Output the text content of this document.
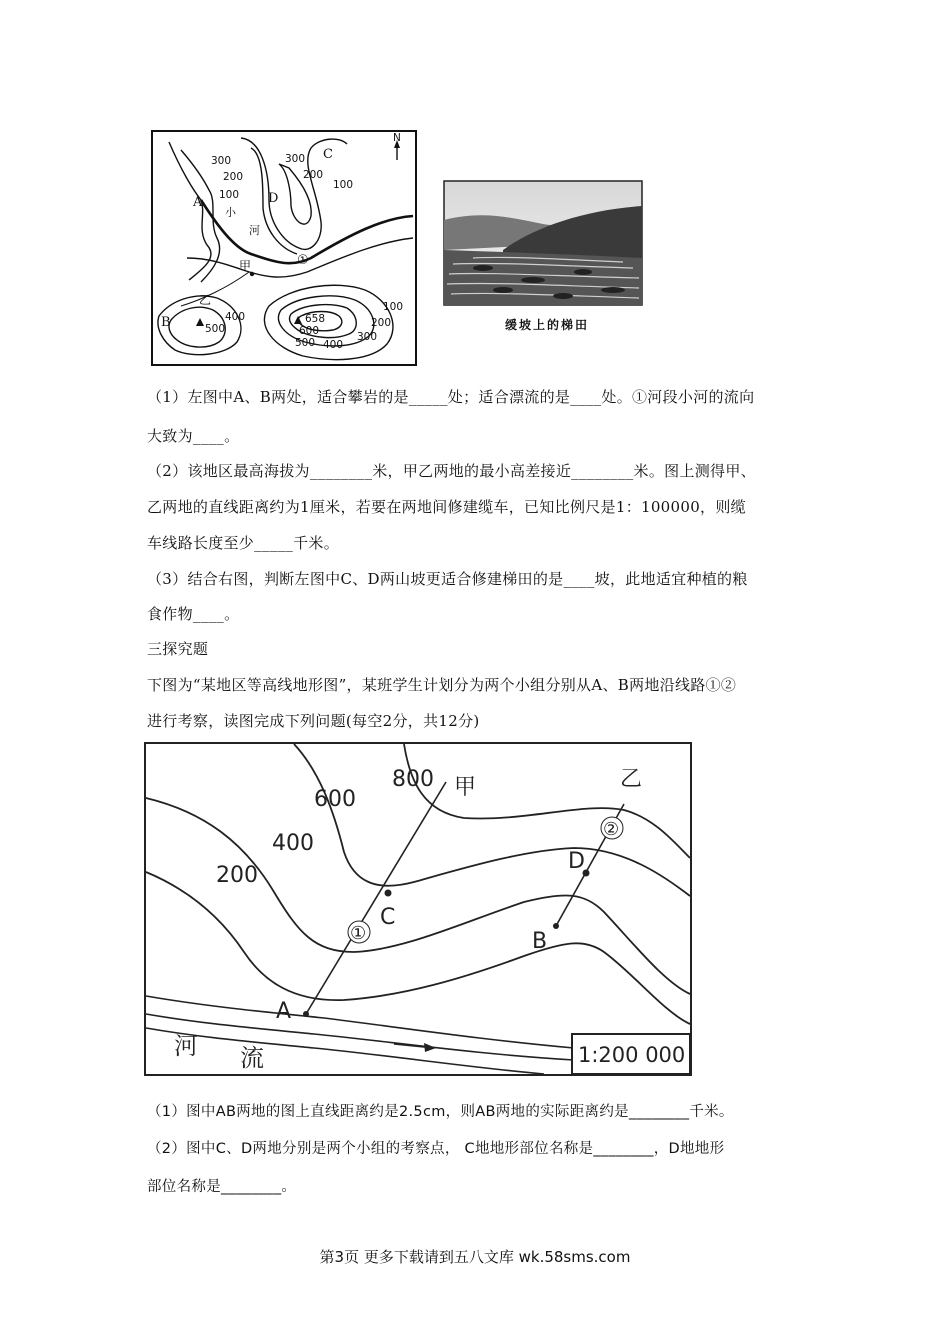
N
300
200
100
300
200
100
C
D
A
B
小
河
①
甲
乙
400
500
658
600
500 400
300
200
100
缓坡上的梯田
（1）左图中A、B两处，适合攀岩的是_____处；适合漂流的是____处。①河段小河的流向
大致为____。
（2）该地区最高海拔为________米，甲乙两地的最小高差接近________米。图上测得甲、
乙两地的直线距离约为1厘米，若要在两地间修建缆车，已知比例尺是1：100000，则缆
车线路长度至少_____千米。
（3）结合右图，判断左图中C、D两山坡更适合修建梯田的是____坡，此地适宜种植的粮
食作物____。
三探究题
下图为“某地区等高线地形图”，某班学生计划分为两个小组分别从A、B两地沿线路①②
进行考察，读图完成下列问题(每空2分，共12分)
800
600
400
200
甲	乙
①
②
C
D
A
B
河 流	1:200 000
（1）图中AB两地的图上直线距离约是2.5cm，则AB两地的实际距离约是________千米。
（2）图中C、D两地分别是两个小组的考察点， C地地形部位名称是________，D地地形
部位名称是________。
第3页 更多下载请到五八文库 wk.58sms.com
